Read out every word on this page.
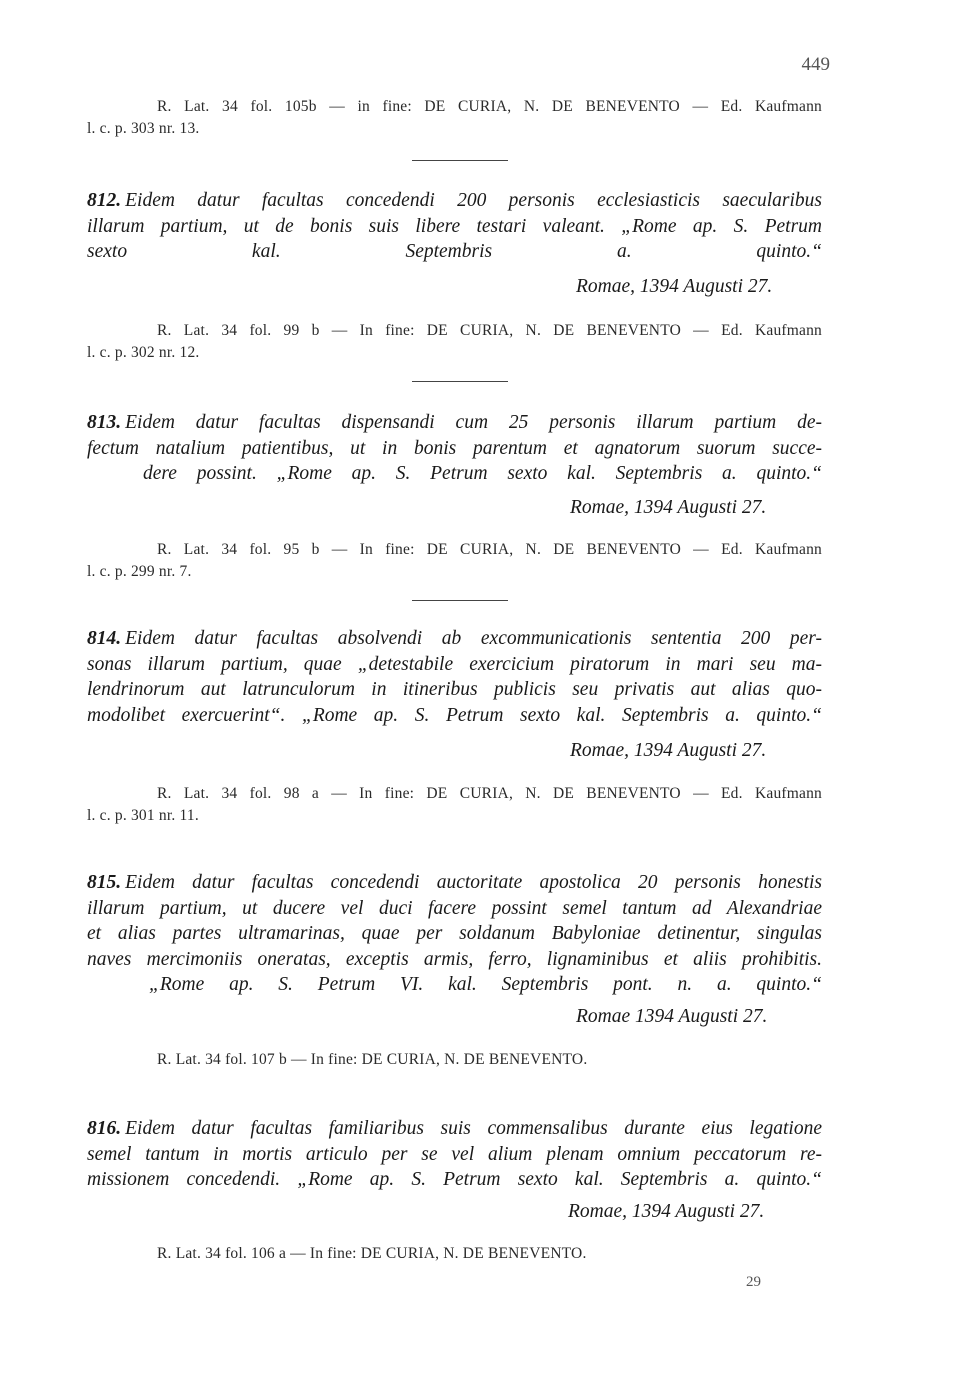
449
R. Lat. 34 fol. 105b — in fine: DE CURIA, N. DE BENEVENTO — Ed. Kaufmann
l. c. p. 303 nr. 13.
812. Eidem datur facultas concedendi 200 personis ecclesiasticis saecularibus
illarum partium, ut de bonis suis libere testari valeant. „Rome ap. S. Petrum
sexto kal. Septembris a. quinto.“
Romae, 1394 Augusti 27.
R. Lat. 34 fol. 99 b — In fine: DE CURIA, N. DE BENEVENTO — Ed. Kaufmann
l. c. p. 302 nr. 12.
813. Eidem datur facultas dispensandi cum 25 personis illarum partium de-
fectum natalium patientibus, ut in bonis parentum et agnatorum suorum succe-
dere possint. „Rome ap. S. Petrum sexto kal. Septembris a. quinto.“
Romae, 1394 Augusti 27.
R. Lat. 34 fol. 95 b — In fine: DE CURIA, N. DE BENEVENTO — Ed. Kaufmann
l. c. p. 299 nr. 7.
814. Eidem datur facultas absolvendi ab excommunicationis sententia 200 per-
sonas illarum partium, quae „detestabile exercicium piratorum in mari seu ma-
lendrinorum aut latrunculorum in itineribus publicis seu privatis aut alias quo-
modolibet exercuerint“. „Rome ap. S. Petrum sexto kal. Septembris a. quinto.“
Romae, 1394 Augusti 27.
R. Lat. 34 fol. 98 a — In fine: DE CURIA, N. DE BENEVENTO — Ed. Kaufmann
l. c. p. 301 nr. 11.
815. Eidem datur facultas concedendi auctoritate apostolica 20 personis honestis
illarum partium, ut ducere vel duci facere possint semel tantum ad Alexandriae
et alias partes ultramarinas, quae per soldanum Babyloniae detinentur, singulas
naves mercimoniis oneratas, exceptis armis, ferro, lignaminibus et aliis prohibitis.
„Rome ap. S. Petrum VI. kal. Septembris pont. n. a. quinto.“
Romae 1394 Augusti 27.
R. Lat. 34 fol. 107 b — In fine: DE CURIA, N. DE BENEVENTO.
816. Eidem datur facultas familiaribus suis commensalibus durante eius legatione
semel tantum in mortis articulo per se vel alium plenam omnium peccatorum re-
missionem concedendi. „Rome ap. S. Petrum sexto kal. Septembris a. quinto.“
Romae, 1394 Augusti 27.
R. Lat. 34 fol. 106 a — In fine: DE CURIA, N. DE BENEVENTO.
29
